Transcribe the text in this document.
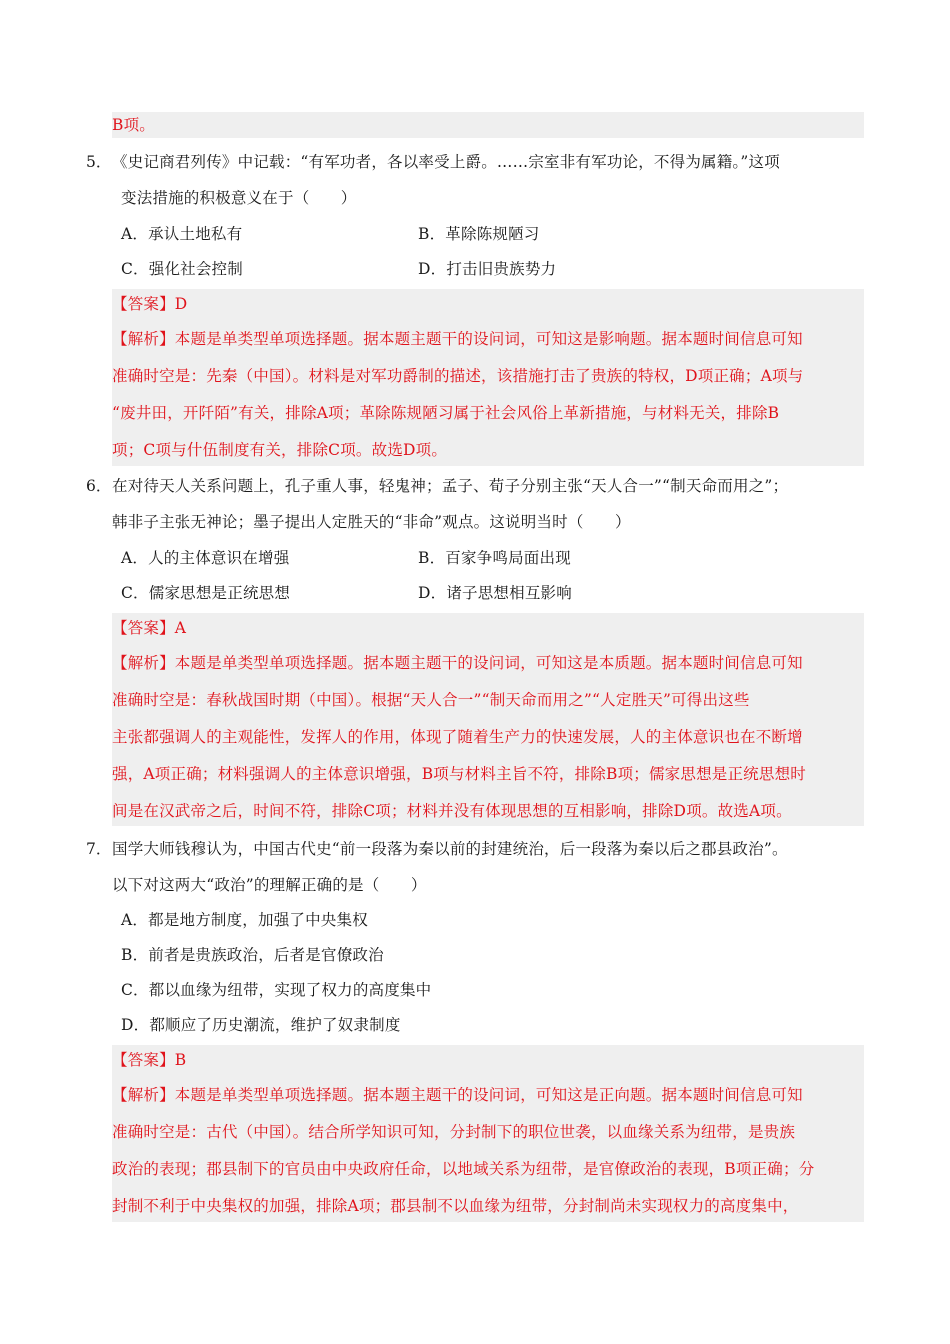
B项。
5． 《史记商君列传》中记载：“有军功者，各以率受上爵。……宗室非有军功论，不得为属籍。”这项
变法措施的积极意义在于（　　）
A．承认土地私有	B．革除陈规陋习
C．强化社会控制	D．打击旧贵族势力
【答案】D
【解析】本题是单类型单项选择题。据本题主题干的设问词，可知这是影响题。据本题时间信息可知
准确时空是：先秦（中国）。材料是对军功爵制的描述，该措施打击了贵族的特权，D项正确；A项与
“废井田，开阡陌”有关，排除A项；革除陈规陋习属于社会风俗上革新措施，与材料无关，排除B
项；C项与什伍制度有关，排除C项。故选D项。
6． 在对待天人关系问题上，孔子重人事，轻鬼神；孟子、荀子分别主张“天人合一”“制天命而用之”；
韩非子主张无神论；墨子提出人定胜天的“非命”观点。这说明当时（　　）
A．人的主体意识在增强	B．百家争鸣局面出现
C．儒家思想是正统思想	D．诸子思想相互影响
【答案】A
【解析】本题是单类型单项选择题。据本题主题干的设问词，可知这是本质题。据本题时间信息可知
准确时空是：春秋战国时期（中国）。根据“天人合一”“制天命而用之”“人定胜天”可得出这些
主张都强调人的主观能性，发挥人的作用，体现了随着生产力的快速发展，人的主体意识也在不断增
强，A项正确；材料强调人的主体意识增强，B项与材料主旨不符，排除B项；儒家思想是正统思想时
间是在汉武帝之后，时间不符，排除C项；材料并没有体现思想的互相影响，排除D项。故选A项。
7． 国学大师钱穆认为，中国古代史“前一段落为秦以前的封建统治，后一段落为秦以后之郡县政治”。
以下对这两大“政治”的理解正确的是（　　）
A．都是地方制度，加强了中央集权
B．前者是贵族政治，后者是官僚政治
C．都以血缘为纽带，实现了权力的高度集中
D．都顺应了历史潮流，维护了奴隶制度
【答案】B
【解析】本题是单类型单项选择题。据本题主题干的设问词，可知这是正向题。据本题时间信息可知
准确时空是：古代（中国）。结合所学知识可知，分封制下的职位世袭，以血缘关系为纽带，是贵族
政治的表现；郡县制下的官员由中央政府任命，以地域关系为纽带，是官僚政治的表现，B项正确；分
封制不利于中央集权的加强，排除A项；郡县制不以血缘为纽带，分封制尚未实现权力的高度集中，
